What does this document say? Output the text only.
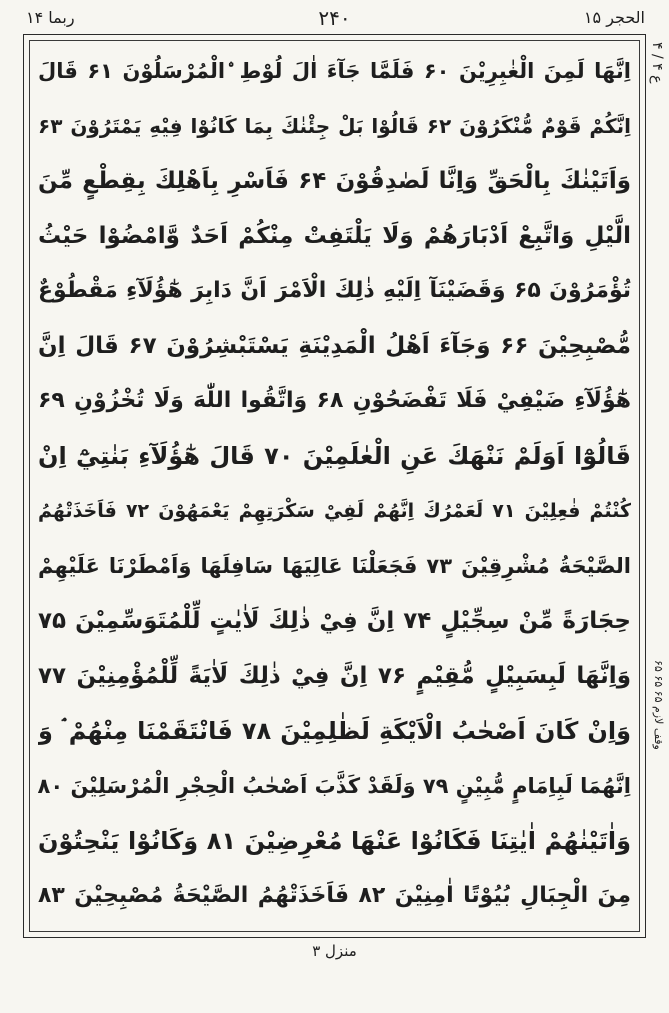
الحجر ۱۵
۲۴۰
ربما ۱۴
ع ۴ / ۴
وقف لازم ۶۵ ۶۵ ۶۵
اِنَّهَا لَمِنَ الْغٰبِرِيْنَ ۶۰ فَلَمَّا جَآءَ اٰلَ لُوْطِ ۨالْمُرْسَلُوْنَ ۶۱ قَالَ
اِنَّكُمْ قَوْمٌ مُّنْكَرُوْنَ ۶۲ قَالُوْا بَلْ جِئْنٰكَ بِمَا كَانُوْا فِيْهِ يَمْتَرُوْنَ ۶۳
وَاَتَيْنٰكَ بِالْحَقِّ وَاِنَّا لَصٰدِقُوْنَ ۶۴ فَاَسْرِ بِاَهْلِكَ بِقِطْعٍ مِّنَ
الَّيْلِ وَاتَّبِعْ اَدْبَارَهُمْ وَلَا يَلْتَفِتْ مِنْكُمْ اَحَدٌ وَّامْضُوْا حَيْثُ
تُؤْمَرُوْنَ ۶۵ وَقَضَيْنَآ اِلَيْهِ ذٰلِكَ الْاَمْرَ اَنَّ دَابِرَ هٰٓؤُلَآءِ مَقْطُوْعٌ
مُّصْبِحِيْنَ ۶۶ وَجَآءَ اَهْلُ الْمَدِيْنَةِ يَسْتَبْشِرُوْنَ ۶۷ قَالَ اِنَّ
هٰٓؤُلَآءِ ضَيْفِيْ فَلَا تَفْضَحُوْنِ ۶۸ وَاتَّقُوا اللّٰهَ وَلَا تُخْزُوْنِ ۶۹
قَالُوْٓا اَوَلَمْ نَنْهَكَ عَنِ الْعٰلَمِيْنَ ۷۰ قَالَ هٰٓؤُلَآءِ بَنٰتِيْٓ اِنْ
كُنْتُمْ فٰعِلِيْنَ ۷۱ لَعَمْرُكَ اِنَّهُمْ لَفِيْ سَكْرَتِهِمْ يَعْمَهُوْنَ ۷۲ فَاَخَذَتْهُمُ
الصَّيْحَةُ مُشْرِقِيْنَ ۷۳ فَجَعَلْنَا عَالِيَهَا سَافِلَهَا وَاَمْطَرْنَا عَلَيْهِمْ
حِجَارَةً مِّنْ سِجِّيْلٍ ۷۴ اِنَّ فِيْ ذٰلِكَ لَاٰيٰتٍ لِّلْمُتَوَسِّمِيْنَ ۷۵
وَاِنَّهَا لَبِسَبِيْلٍ مُّقِيْمٍ ۷۶ اِنَّ فِيْ ذٰلِكَ لَاٰيَةً لِّلْمُؤْمِنِيْنَ ۷۷
وَاِنْ كَانَ اَصْحٰبُ الْاَيْكَةِ لَظٰلِمِيْنَ ۷۸ فَانْتَقَمْنَا مِنْهُمْ ۘ وَ
اِنَّهُمَا لَبِاِمَامٍ مُّبِيْنٍ ۷۹ وَلَقَدْ كَذَّبَ اَصْحٰبُ الْحِجْرِ الْمُرْسَلِيْنَ ۸۰
وَاٰتَيْنٰهُمْ اٰيٰتِنَا فَكَانُوْا عَنْهَا مُعْرِضِيْنَ ۸۱ وَكَانُوْا يَنْحِتُوْنَ
مِنَ الْجِبَالِ بُيُوْتًا اٰمِنِيْنَ ۸۲ فَاَخَذَتْهُمُ الصَّيْحَةُ مُصْبِحِيْنَ ۸۳
منزل ۳
